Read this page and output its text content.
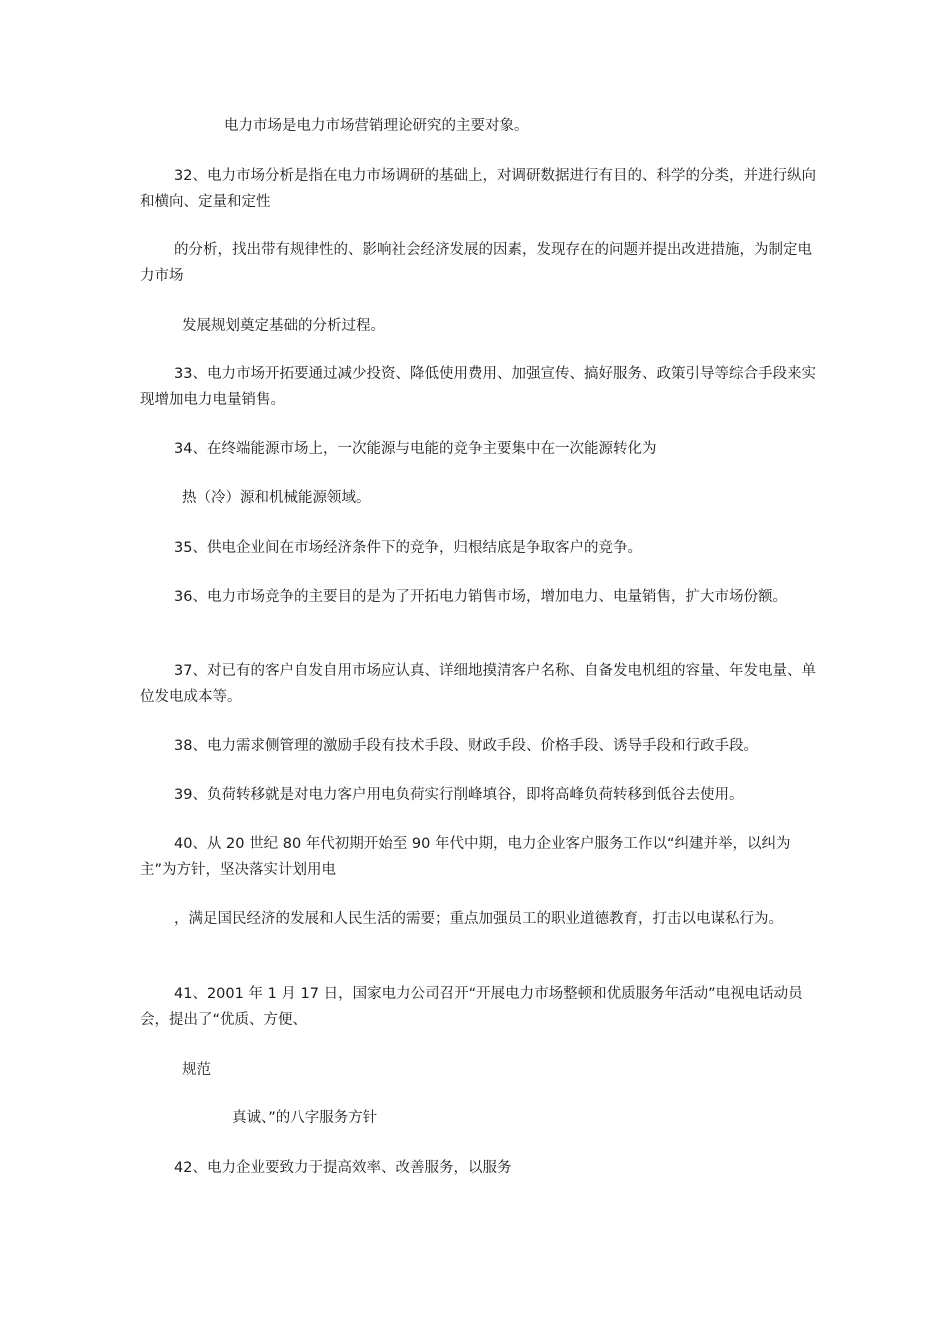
电力市场是电力市场营销理论研究的主要对象。

32、电力市场分析是指在电力市场调研的基础上，对调研数据进行有目的、科学的分类，并进行纵向和横向、定量和定性

的分析，找出带有规律性的、影响社会经济发展的因素，发现存在的问题并提出改进措施，为制定电力市场

发展规划奠定基础的分析过程。

33、电力市场开拓要通过减少投资、降低使用费用、加强宣传、搞好服务、政策引导等综合手段来实现增加电力电量销售。

34、在终端能源市场上，一次能源与电能的竞争主要集中在一次能源转化为

热（冷）源和机械能源领域。

35、供电企业间在市场经济条件下的竞争，归根结底是争取客户的竞争。

36、电力市场竞争的主要目的是为了开拓电力销售市场，增加电力、电量销售，扩大市场份额。

37、对已有的客户自发自用市场应认真、详细地摸清客户名称、自备发电机组的容量、年发电量、单位发电成本等。

38、电力需求侧管理的激励手段有技术手段、财政手段、价格手段、诱导手段和行政手段。

39、负荷转移就是对电力客户用电负荷实行削峰填谷，即将高峰负荷转移到低谷去使用。

40、从 20 世纪 80 年代初期开始至 90 年代中期，电力企业客户服务工作以“纠建并举，以纠为主”为方针，坚决落实计划用电

，满足国民经济的发展和人民生活的需要；重点加强员工的职业道德教育，打击以电谋私行为。

41、2001 年 1 月 17 日，国家电力公司召开“开展电力市场整顿和优质服务年活动”电视电话动员会，提出了“优质、方便、

规范

真诚、”的八字服务方针

42、电力企业要致力于提高效率、改善服务，以服务
